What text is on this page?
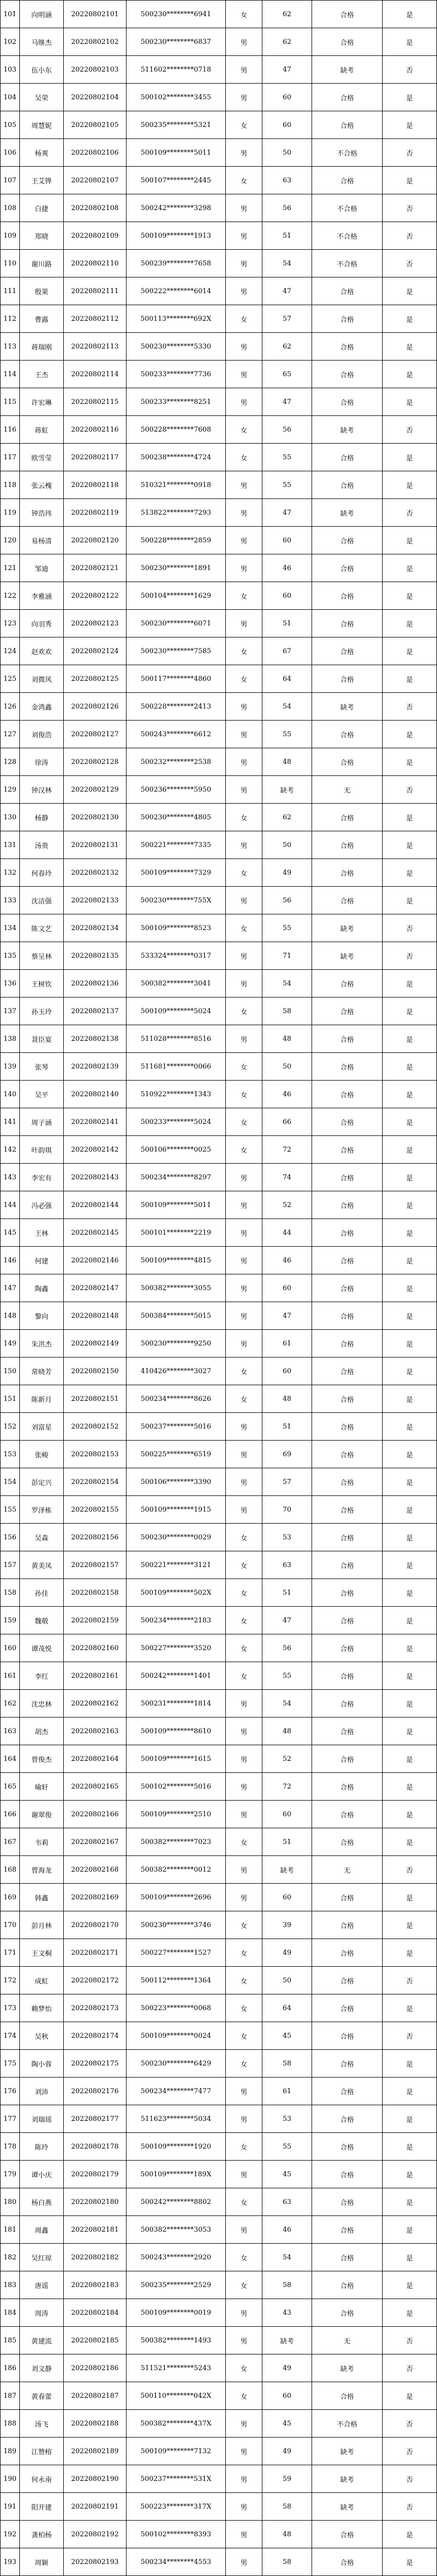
101	向明涵	20220802101	500230********6941	女	62	合格	是
102	马继杰	20220802102	500230********6837	男	62	合格	是
103	伍小东	20220802103	511602********0718	男	47	缺考	否
104	吴荣	20220802104	500102********3455	男	60	合格	是
105	周慧妮	20220802105	500235********5321	女	60	合格	是
106	杨爽	20220802106	500109********5011	男	50	不合格	否
107	王艾铧	20220802107	500107********2445	女	63	合格	是
108	白捷	20220802108	500242********3298	男	56	不合格	否
109	郑晓	20220802109	500109********1913	男	51	不合格	否
110	谢川路	20220802110	500239********7658	男	54	不合格	否
111	殷果	20220802111	500222********6014	男	47	合格	是
112	曹露	20220802112	500113********692X	女	57	合格	是
113	蒋瑞刚	20220802113	500230********5330	男	62	合格	是
114	王杰	20220802114	500233********7736	男	65	合格	是
115	许宏琳	20220802115	500233********8251	男	47	合格	是
116	蒋虹	20220802116	500228********7608	女	56	缺考	否
117	欧雪莹	20220802117	500238********4724	女	55	合格	是
118	张云槐	20220802118	510321********0918	男	55	合格	是
119	钟浩玮	20220802119	513822********7293	男	47	缺考	否
120	易杨清	20220802120	500228********2859	男	60	合格	是
121	邹迪	20220802121	500230********1891	男	46	合格	是
122	李雅涵	20220802122	500104********1629	女	60	合格	是
123	向羽秀	20220802123	500230********6071	男	51	合格	是
124	赵欢欢	20220802124	500230********7585	女	67	合格	是
125	刘微风	20220802125	500117********4860	女	64	合格	是
126	金鸿鑫	20220802126	500228********2413	男	54	缺考	否
127	刘俊浩	20220802127	500243********6612	男	55	合格	是
128	徐涛	20220802128	500232********2538	男	48	合格	是
129	钟汉林	20220802129	500236********5950	男	缺考	无	否
130	杨静	20220802130	500230********4805	女	62	合格	是
131	汤贵	20220802131	500221********7335	男	50	合格	是
132	何春玲	20220802132	500109********7329	女	49	合格	是
133	沈洁强	20220802133	500230********755X	男	56	合格	是
134	陈文艺	20220802134	500109********8523	女	55	缺考	否
135	蔡呈林	20220802135	533324********0317	男	71	缺考	否
136	王树钦	20220802136	500382********3041	男	54	合格	是
137	孙玉玲	20220802137	500109********5024	女	58	合格	是
138	聂臣宴	20220802138	511028********8516	男	48	合格	是
139	张琴	20220802139	511681********0066	女	50	合格	是
140	吴平	20220802140	510922********1343	女	46	合格	是
141	周子涵	20220802141	500233********5024	女	66	合格	是
142	叶韵琪	20220802142	500106********0025	女	72	合格	是
143	李宏有	20220802143	500234********8297	男	74	合格	是
144	冯必强	20220802144	500109********5011	男	52	合格	是
145	王林	20220802145	500101********2219	男	44	合格	是
146	何建	20220802146	500109********4815	男	46	合格	是
147	陶鑫	20220802147	500382********3055	男	60	合格	是
148	黎向	20220802148	500384********5015	男	47	合格	是
149	朱洪杰	20220802149	500230********9250	男	61	合格	是
150	常晓芳	20220802150	410426********3027	女	60	合格	是
151	陈新月	20220802151	500234********8626	女	48	合格	是
152	刘富星	20220802152	500237********5016	男	51	合格	是
153	张峻	20220802153	500225********6519	男	69	合格	是
154	彭定兴	20220802154	500106********3390	男	57	合格	是
155	罗泽栋	20220802155	500109********1915	男	70	合格	是
156	吴森	20220802156	500230********0029	女	53	合格	是
157	黄美凤	20220802157	500221********3121	女	63	合格	是
158	孙佳	20220802158	500109********502X	女	51	合格	是
159	魏敬	20220802159	500234********2183	女	47	合格	是
160	谭茂悦	20220802160	500227********3520	女	56	合格	是
161	李红	20220802161	500242********1401	女	55	合格	是
162	沈忠林	20220802162	500231********1814	男	54	合格	是
163	胡杰	20220802163	500109********8610	男	48	合格	是
164	曾俊杰	20220802164	500109********1615	男	52	合格	是
165	喻轩	20220802165	500102********5016	男	72	合格	是
166	谢翠俊	20220802166	500109********2510	男	60	合格	是
167	韦莉	20220802167	500382********7023	女	51	合格	是
168	曾海龙	20220802168	500382********0012	男	缺考	无	否
169	韩鑫	20220802169	500109********2696	男	60	合格	是
170	彭月林	20220802170	500230********3746	女	39	合格	是
171	王文桐	20220802171	500227********1527	女	49	合格	是
172	成虹	20220802172	500112********1364	女	50	合格	否
173	赖梦怡	20220802173	500223********0068	女	64	合格	是
174	吴秋	20220802174	500109********0024	女	45	合格	否
175	陶小蓉	20220802175	500230********6429	女	58	合格	是
176	刘沛	20220802176	500234********7477	男	61	合格	是
177	刘瑞瑶	20220802177	511623********5034	男	53	合格	是
178	陈玲	20220802178	500109********1920	女	55	合格	是
179	谭小庆	20220802179	500109********189X	男	45	合格	是
180	杨白燕	20220802180	500242********8802	女	63	合格	是
181	周鑫	20220802181	500382********3053	男	46	合格	是
182	吴红琼	20220802182	500243********2920	女	54	合格	是
183	唐谣	20220802183	500235********2529	女	58	合格	是
184	周涛	20220802184	500109********0019	男	43	合格	是
185	黄建流	20220802185	500382********1493	男	缺考	无	否
186	刘文静	20220802186	511521********5243	女	49	缺考	否
187	黄春蕾	20220802187	500110********042X	女	60	合格	是
188	汤飞	20220802188	500382********437X	男	45	不合格	否
189	江赞榕	20220802189	500109********7132	男	49	缺考	否
190	何永南	20220802190	500237********531X	男	59	缺考	否
191	阳开建	20220802191	500223********317X	男	58	缺考	否
192	龚柏杨	20220802192	500102********8393	男	48	合格	是
193	周颖	20220802193	500234********4553	男	58	合格	是
